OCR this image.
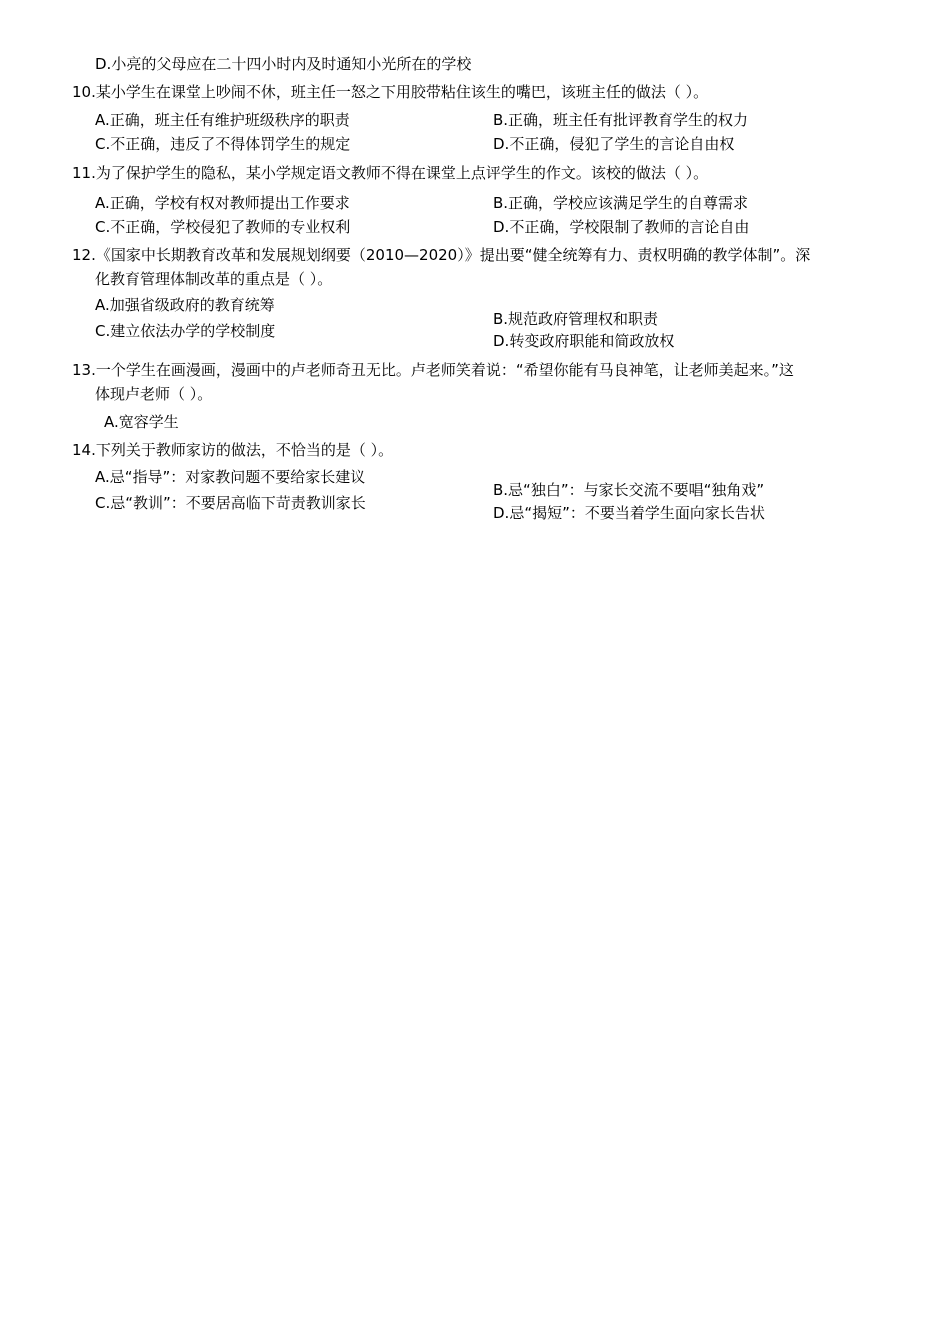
D.小亮的父母应在二十四小时内及时通知小光所在的学校
10.某小学生在课堂上吵闹不休，班主任一怒之下用胶带粘住该生的嘴巴，该班主任的做法（ ）。
A.正确，班主任有维护班级秩序的职责	B.正确，班主任有批评教育学生的权力
C.不正确，违反了不得体罚学生的规定	D.不正确，侵犯了学生的言论自由权
11.为了保护学生的隐私，某小学规定语文教师不得在课堂上点评学生的作文。该校的做法（ ）。
A.正确，学校有权对教师提出工作要求	B.正确，学校应该满足学生的自尊需求
C.不正确，学校侵犯了教师的专业权利	D.不正确，学校限制了教师的言论自由
12.《国家中长期教育改革和发展规划纲要（2010—2020）》提出要“健全统筹有力、责权明确的教学体制”。深
化教育管理体制改革的重点是（ ）。
A.加强省级政府的教育统筹
C.建立依法办学的学校制度
B.规范政府管理权和职责
D.转变政府职能和简政放权
13.一个学生在画漫画，漫画中的卢老师奇丑无比。卢老师笑着说：“希望你能有马良神笔，让老师美起来。”这
体现卢老师（ ）。
A.宽容学生
14.下列关于教师家访的做法，不恰当的是（ ）。
A.忌“指导”：对家教问题不要给家长建议
C.忌“教训”：不要居高临下苛责教训家长
B.忌“独白”：与家长交流不要唱“独角戏”
D.忌“揭短”：不要当着学生面向家长告状
